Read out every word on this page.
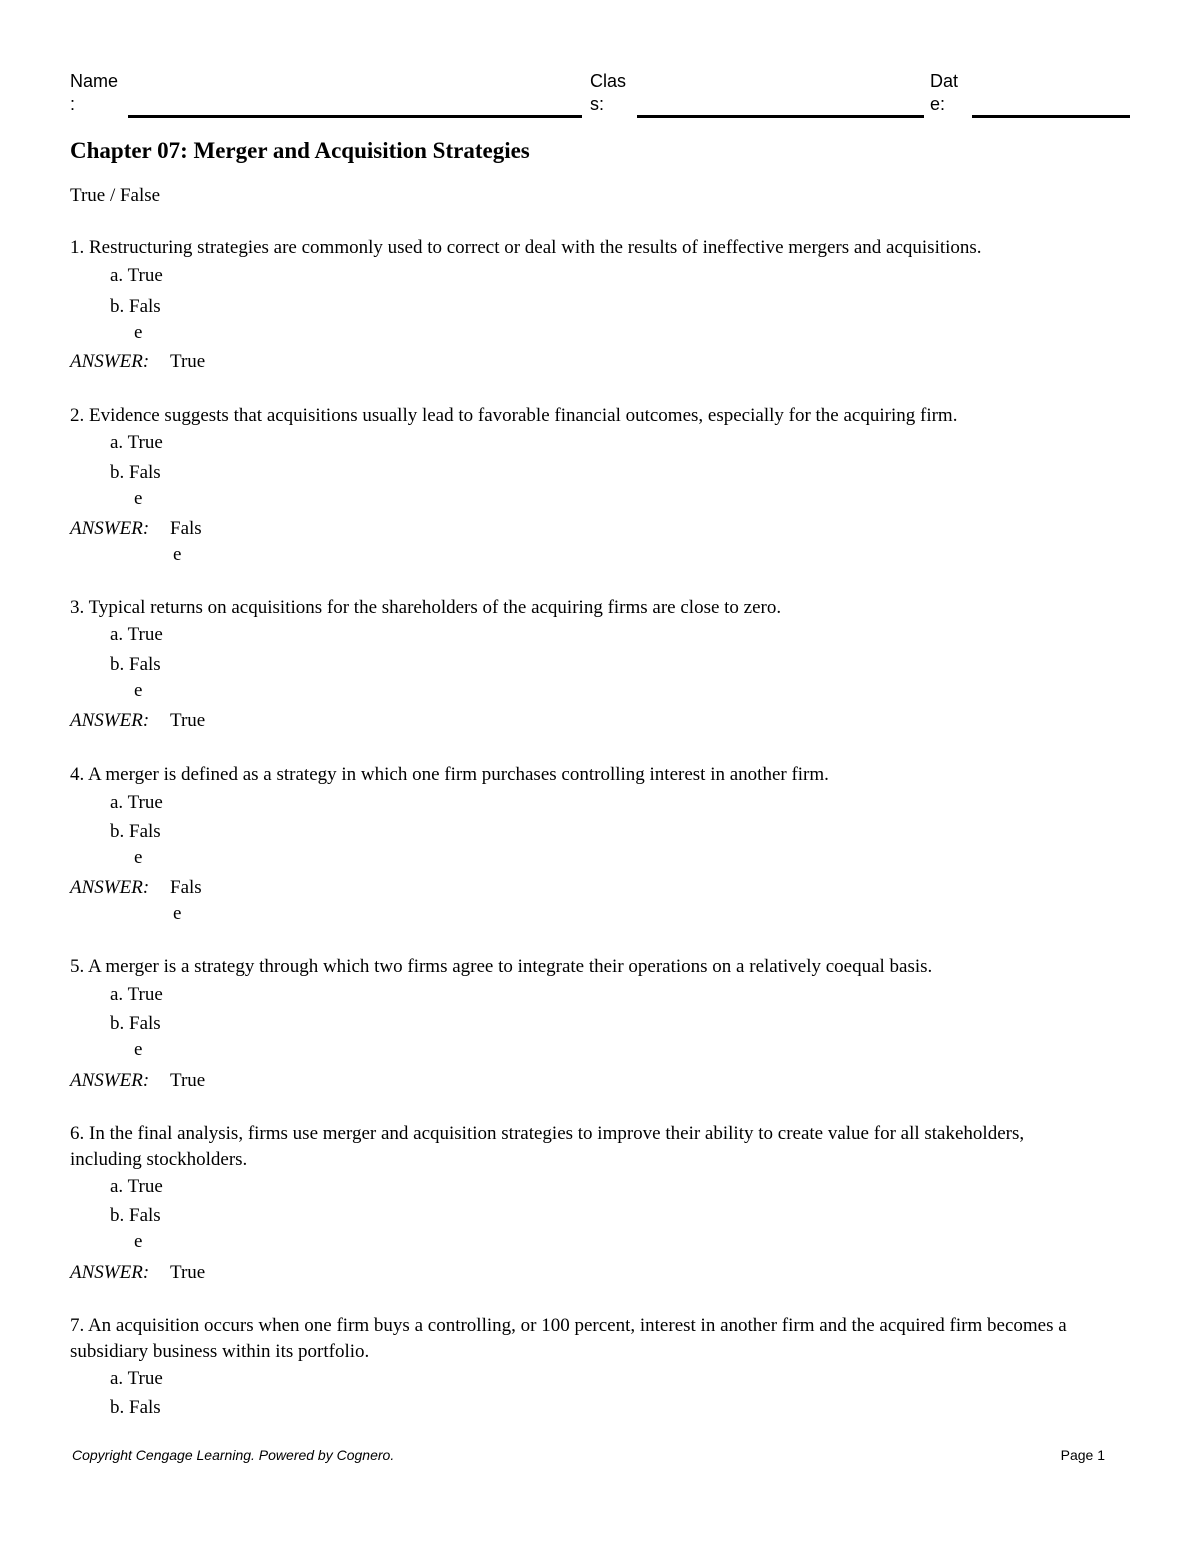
Name
:
Clas
s:
Dat
e:
Chapter 07: Merger and Acquisition Strategies
True / False
1. Restructuring strategies are commonly used to correct or deal with the results of ineffective mergers and acquisitions.
a. True
b. Fals
e
ANSWER: True
2. Evidence suggests that acquisitions usually lead to favorable financial outcomes, especially for the acquiring firm.
a. True
b. Fals
e
ANSWER: Fals
e
3. Typical returns on acquisitions for the shareholders of the acquiring firms are close to zero.
a. True
b. Fals
e
ANSWER: True
4. A merger is defined as a strategy in which one firm purchases controlling interest in another firm.
a. True
b. Fals
e
ANSWER: Fals
e
5. A merger is a strategy through which two firms agree to integrate their operations on a relatively coequal basis.
a. True
b. Fals
e
ANSWER: True
6. In the final analysis, firms use merger and acquisition strategies to improve their ability to create value for all stakeholders, including stockholders.
a. True
b. Fals
e
ANSWER: True
7. An acquisition occurs when one firm buys a controlling, or 100 percent, interest in another firm and the acquired firm becomes a subsidiary business within its portfolio.
a. True
b. Fals
Copyright Cengage Learning. Powered by Cognero.	Page 1
